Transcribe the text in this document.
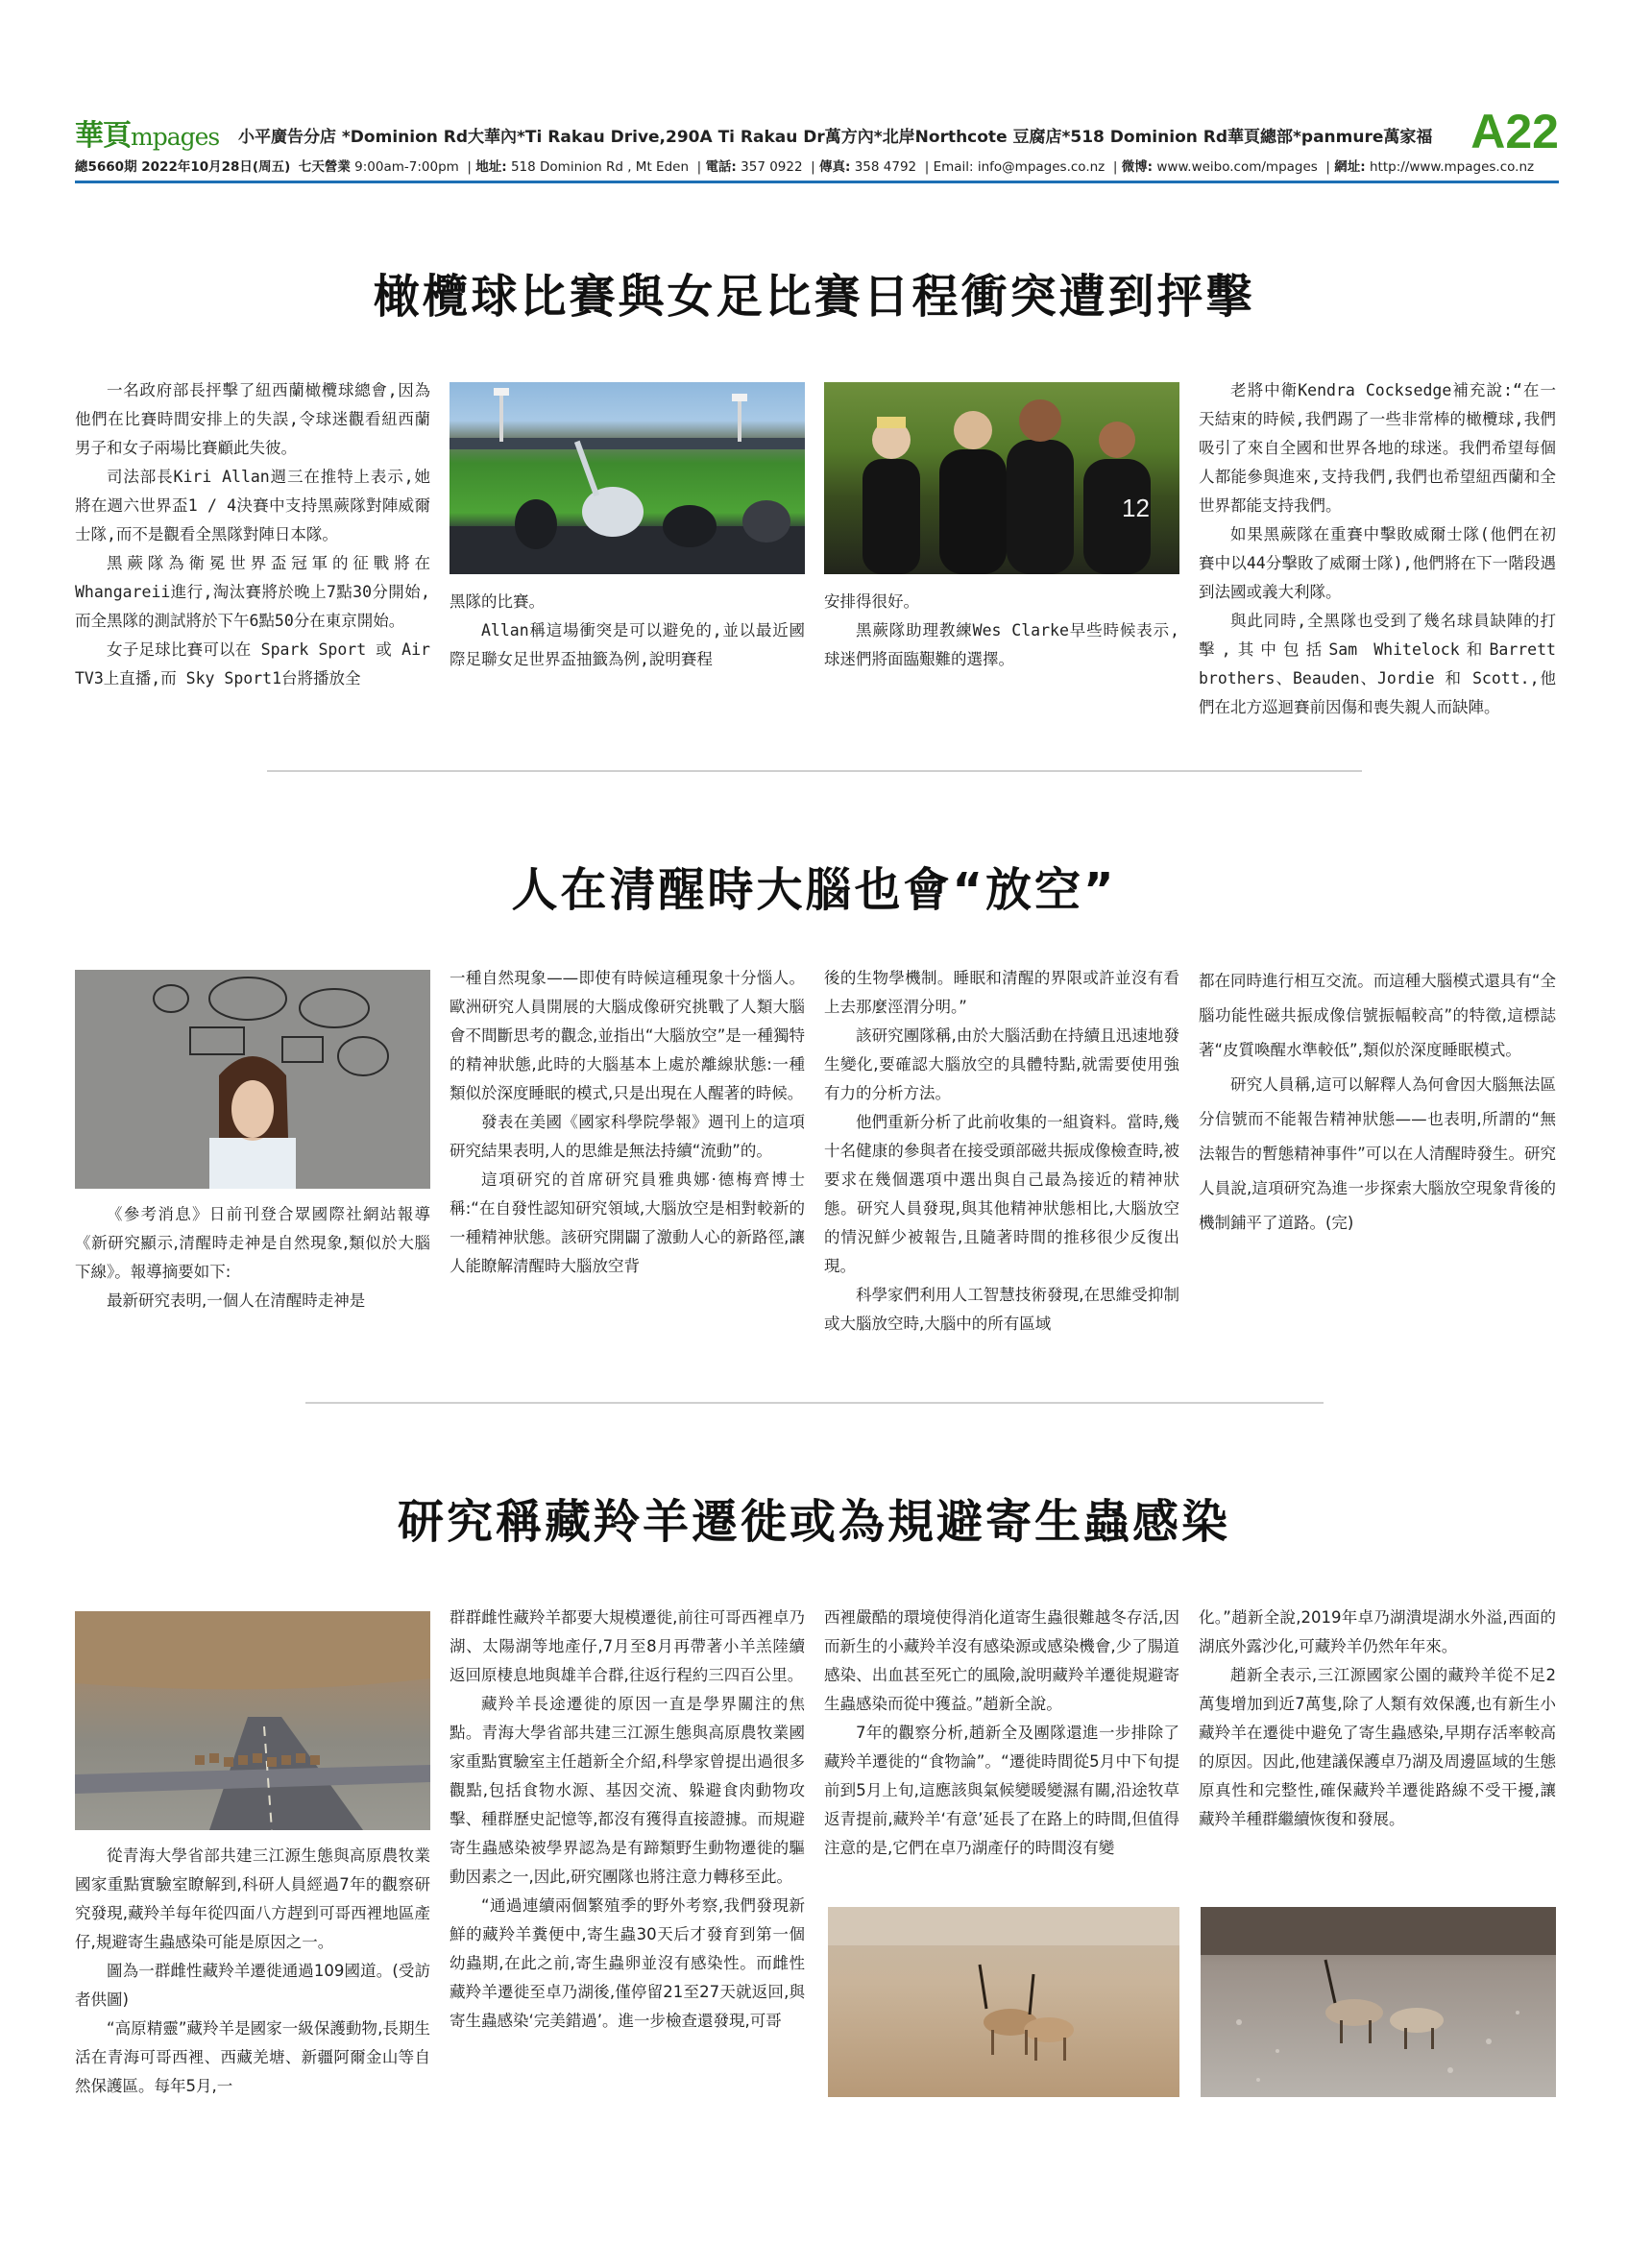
華頁mpages 小平廣告分店 *Dominion Rd大華內*Ti Rakau Drive,290A Ti Rakau Dr萬方內*北岸Northcote 豆腐店*518 Dominion Rd華頁總部*panmure萬家福 A22
總5660期 2022年10月28日(周五) 七天營業 9:00am-7:00pm  | 地址: 518 Dominion Rd , Mt Eden  | 電話: 357 0922  | 傳真: 358 4792  | Email: info@mpages.co.nz  | 微博: www.weibo.com/mpages  | 網址: http://www.mpages.co.nz
橄欖球比賽與女足比賽日程衝突遭到抨擊

一名政府部長抨擊了紐西蘭橄欖球總會,因為他們在比賽時間安排上的失誤,令球迷觀看紐西蘭男子和女子兩場比賽顧此失彼。

司法部長Kiri Allan週三在推特上表示,她將在週六世界盃1 / 4決賽中支持黑蕨隊對陣威爾士隊,而不是觀看全黑隊對陣日本隊。

黑蕨隊為衛冕世界盃冠軍的征戰將在Whangareii進行,淘汰賽將於晚上7點30分開始,而全黑隊的測試將於下午6點50分在東京開始。

女子足球比賽可以在 Spark Sport 或 Air TV3上直播,而 Sky Sport1台將播放全

黑隊的比賽。

Allan稱這場衝突是可以避免的,並以最近國際足聯女足世界盃抽籤為例,說明賽程

12

安排得很好。

黑蕨隊助理教練Wes Clarke早些時候表示,球迷們將面臨艱難的選擇。

老將中衛Kendra Cocksedge補充說:“在一天結束的時候,我們踢了一些非常棒的橄欖球,我們吸引了來自全國和世界各地的球迷。我們希望每個人都能參與進來,支持我們,我們也希望紐西蘭和全世界都能支持我們。

如果黑蕨隊在重賽中擊敗威爾士隊(他們在初賽中以44分擊敗了威爾士隊),他們將在下一階段遇到法國或義大利隊。

與此同時,全黑隊也受到了幾名球員缺陣的打擊,其中包括Sam Whitelock和Barrett brothers、Beauden、Jordie 和 Scott.,他們在北方巡迴賽前因傷和喪失親人而缺陣。

人在清醒時大腦也會“放空”

《參考消息》日前刊登合眾國際社網站報導《新研究顯示,清醒時走神是自然現象,類似於大腦下線》。報導摘要如下:

最新研究表明,一個人在清醒時走神是

一種自然現象——即使有時候這種現象十分惱人。 歐洲研究人員開展的大腦成像研究挑戰了人類大腦會不間斷思考的觀念,並指出“大腦放空”是一種獨特的精神狀態,此時的大腦基本上處於離線狀態:一種類似於深度睡眠的模式,只是出現在人醒著的時候。

發表在美國《國家科學院學報》週刊上的這項研究結果表明,人的思維是無法持續“流動”的。

這項研究的首席研究員雅典娜·德梅齊博士稱:“在自發性認知研究領域,大腦放空是相對較新的一種精神狀態。該研究開闢了激動人心的新路徑,讓人能瞭解清醒時大腦放空背

後的生物學機制。睡眠和清醒的界限或許並沒有看上去那麼涇渭分明。”

該研究團隊稱,由於大腦活動在持續且迅速地發生變化,要確認大腦放空的具體特點,就需要使用強有力的分析方法。

他們重新分析了此前收集的一組資料。當時,幾十名健康的參與者在接受頭部磁共振成像檢查時,被要求在幾個選項中選出與自己最為接近的精神狀態。研究人員發現,與其他精神狀態相比,大腦放空的情況鮮少被報告,且隨著時間的推移很少反復出現。

科學家們利用人工智慧技術發現,在思維受抑制或大腦放空時,大腦中的所有區域

都在同時進行相互交流。而這種大腦模式還具有“全腦功能性磁共振成像信號振幅較高”的特徵,這標誌著“皮質喚醒水準較低”,類似於深度睡眠模式。

研究人員稱,這可以解釋人為何會因大腦無法區分信號而不能報告精神狀態——也表明,所謂的“無法報告的暫態精神事件”可以在人清醒時發生。研究人員說,這項研究為進一步探索大腦放空現象背後的機制鋪平了道路。(完)

研究稱藏羚羊遷徙或為規避寄生蟲感染

從青海大學省部共建三江源生態與高原農牧業國家重點實驗室瞭解到,科研人員經過7年的觀察研究發現,藏羚羊每年從四面八方趕到可哥西裡地區產仔,規避寄生蟲感染可能是原因之一。

圖為一群雌性藏羚羊遷徙通過109國道。(受訪者供圖)

“高原精靈”藏羚羊是國家一級保護動物,長期生活在青海可哥西裡、西藏羌塘、新疆阿爾金山等自然保護區。每年5月,一

群群雌性藏羚羊都要大規模遷徙,前往可哥西裡卓乃湖、太陽湖等地產仔,7月至8月再帶著小羊羔陸續返回原棲息地與雄羊合群,往返行程約三四百公里。

藏羚羊長途遷徙的原因一直是學界關注的焦點。青海大學省部共建三江源生態與高原農牧業國家重點實驗室主任趙新全介紹,科學家曾提出過很多觀點,包括食物水源、基因交流、躲避食肉動物攻擊、種群歷史記憶等,都沒有獲得直接證據。而規避寄生蟲感染被學界認為是有蹄類野生動物遷徙的驅動因素之一,因此,研究團隊也將注意力轉移至此。

“通過連續兩個繁殖季的野外考察,我們發現新鮮的藏羚羊糞便中,寄生蟲30天后才發育到第一個幼蟲期,在此之前,寄生蟲卵並沒有感染性。而雌性藏羚羊遷徙至卓乃湖後,僅停留21至27天就返回,與寄生蟲感染‘完美錯過’。進一步檢查還發現,可哥

西裡嚴酷的環境使得消化道寄生蟲很難越冬存活,因而新生的小藏羚羊沒有感染源或感染機會,少了腸道感染、出血甚至死亡的風險,說明藏羚羊遷徙規避寄生蟲感染而從中獲益。”趙新全說。

7年的觀察分析,趙新全及團隊還進一步排除了藏羚羊遷徙的“食物論”。“遷徙時間從5月中下旬提前到5月上旬,這應該與氣候變暖變濕有關,沿途牧草返青提前,藏羚羊‘有意’延長了在路上的時間,但值得注意的是,它們在卓乃湖產仔的時間沒有變

化。”趙新全說,2019年卓乃湖潰堤湖水外溢,西面的湖底外露沙化,可藏羚羊仍然年年來。

趙新全表示,三江源國家公園的藏羚羊從不足2萬隻增加到近7萬隻,除了人類有效保護,也有新生小藏羚羊在遷徙中避免了寄生蟲感染,早期存活率較高的原因。因此,他建議保護卓乃湖及周邊區域的生態原真性和完整性,確保藏羚羊遷徙路線不受干擾,讓藏羚羊種群繼續恢復和發展。
